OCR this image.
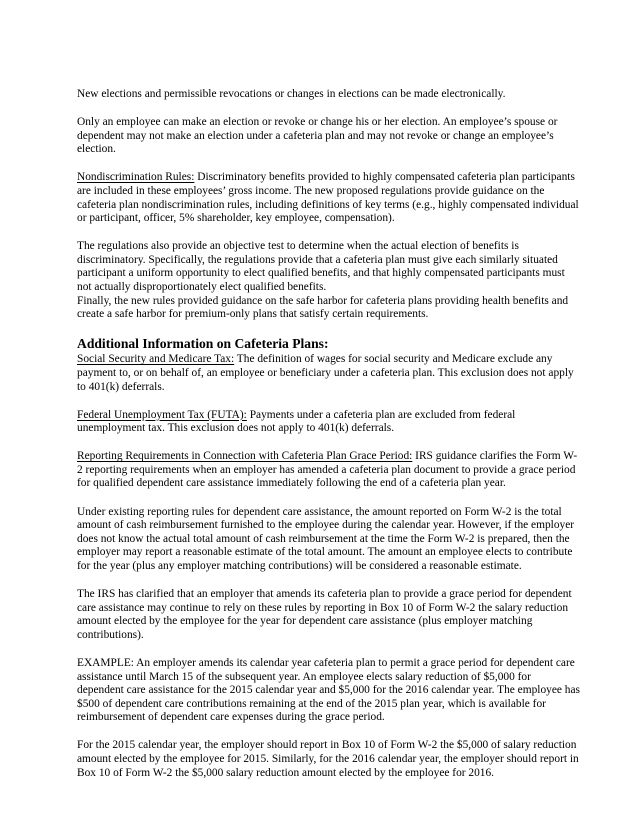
New elections and permissible revocations or changes in elections can be made electronically.

Only an employee can make an election or revoke or change his or her election. An employee’s spouse or dependent may not make an election under a cafeteria plan and may not revoke or change an employee’s election.

Nondiscrimination Rules: Discriminatory benefits provided to highly compensated cafeteria plan participants are included in these employees’ gross income. The new proposed regulations provide guidance on the cafeteria plan nondiscrimination rules, including definitions of key terms (e.g., highly compensated individual or participant, officer, 5% shareholder, key employee, compensation).

The regulations also provide an objective test to determine when the actual election of benefits is discriminatory. Specifically, the regulations provide that a cafeteria plan must give each similarly situated participant a uniform opportunity to elect qualified benefits, and that highly compensated participants must not actually disproportionately elect qualified benefits.

Finally, the new rules provided guidance on the safe harbor for cafeteria plans providing health benefits and create a safe harbor for premium-only plans that satisfy certain requirements.

Additional Information on Cafeteria Plans:

Social Security and Medicare Tax: The definition of wages for social security and Medicare exclude any payment to, or on behalf of, an employee or beneficiary under a cafeteria plan. This exclusion does not apply to 401(k) deferrals.

Federal Unemployment Tax (FUTA): Payments under a cafeteria plan are excluded from federal unemployment tax. This exclusion does not apply to 401(k) deferrals.

Reporting Requirements in Connection with Cafeteria Plan Grace Period: IRS guidance clarifies the Form W-2 reporting requirements when an employer has amended a cafeteria plan document to provide a grace period for qualified dependent care assistance immediately following the end of a cafeteria plan year.

Under existing reporting rules for dependent care assistance, the amount reported on Form W-2 is the total amount of cash reimbursement furnished to the employee during the calendar year. However, if the employer does not know the actual total amount of cash reimbursement at the time the Form W-2 is prepared, then the employer may report a reasonable estimate of the total amount. The amount an employee elects to contribute for the year (plus any employer matching contributions) will be considered a reasonable estimate.

The IRS has clarified that an employer that amends its cafeteria plan to provide a grace period for dependent care assistance may continue to rely on these rules by reporting in Box 10 of Form W-2 the salary reduction amount elected by the employee for the year for dependent care assistance (plus employer matching contributions).

EXAMPLE: An employer amends its calendar year cafeteria plan to permit a grace period for dependent care assistance until March 15 of the subsequent year. An employee elects salary reduction of $5,000 for dependent care assistance for the 2015 calendar year and $5,000 for the 2016 calendar year. The employee has $500 of dependent care contributions remaining at the end of the 2015 plan year, which is available for reimbursement of dependent care expenses during the grace period.

For the 2015 calendar year, the employer should report in Box 10 of Form W-2 the $5,000 of salary reduction amount elected by the employee for 2015. Similarly, for the 2016 calendar year, the employer should report in Box 10 of Form W-2 the $5,000 salary reduction amount elected by the employee for 2016.
